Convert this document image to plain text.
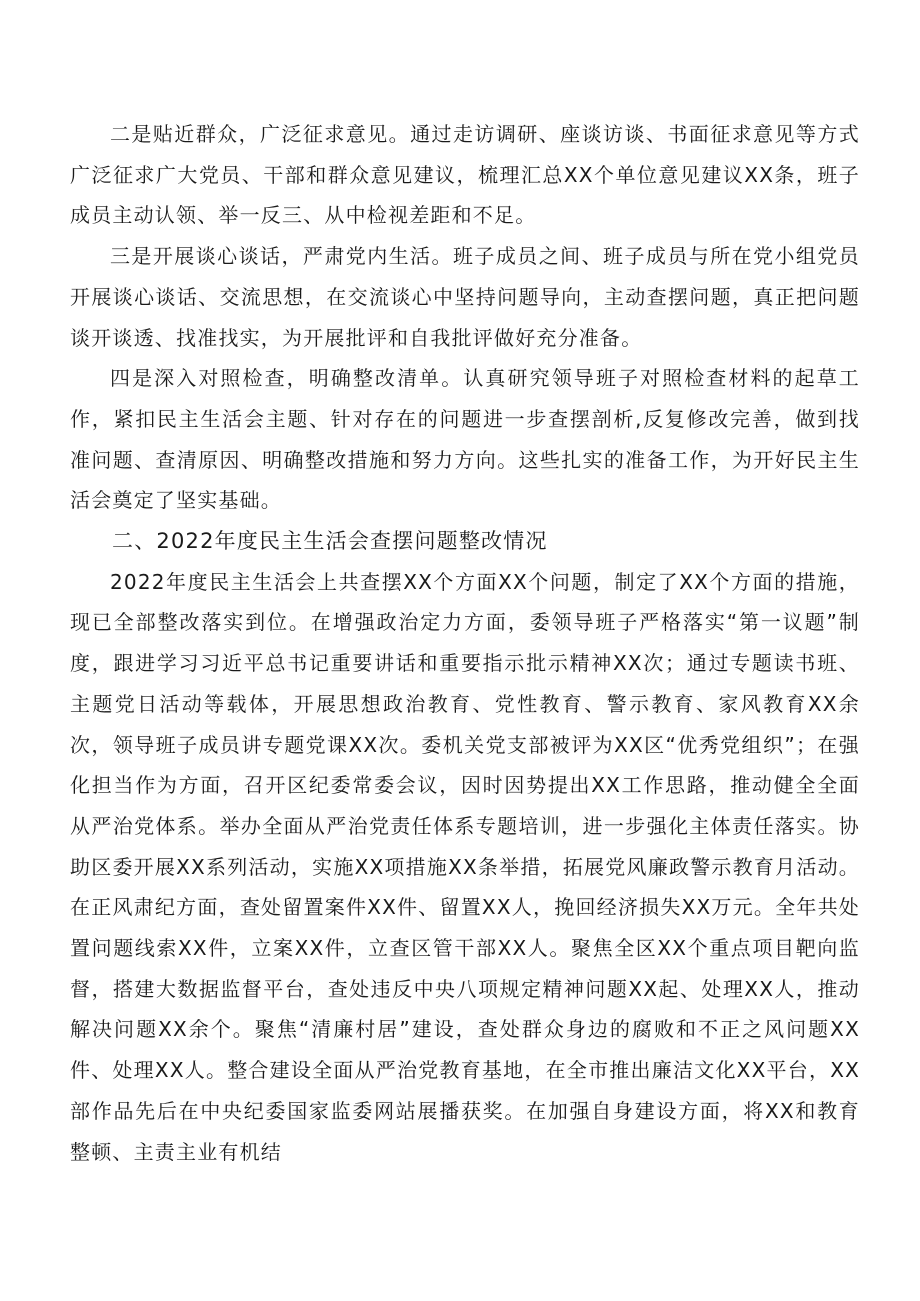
二是贴近群众，广泛征求意见。通过走访调研、座谈访谈、书面征求意见等方式广泛征求广大党员、干部和群众意见建议，梳理汇总XX个单位意见建议XX条，班子成员主动认领、举一反三、从中检视差距和不足。

三是开展谈心谈话，严肃党内生活。班子成员之间、班子成员与所在党小组党员开展谈心谈话、交流思想，在交流谈心中坚持问题导向，主动查摆问题，真正把问题谈开谈透、找准找实，为开展批评和自我批评做好充分准备。

四是深入对照检查，明确整改清单。认真研究领导班子对照检查材料的起草工作，紧扣民主生活会主题、针对存在的问题进一步查摆剖析,反复修改完善，做到找准问题、查清原因、明确整改措施和努力方向。这些扎实的准备工作，为开好民主生活会奠定了坚实基础。

二、2022年度民主生活会查摆问题整改情况

2022年度民主生活会上共查摆XX个方面XX个问题，制定了XX个方面的措施，现已全部整改落实到位。在增强政治定力方面，委领导班子严格落实“第一议题”制度，跟进学习习近平总书记重要讲话和重要指示批示精神XX次；通过专题读书班、主题党日活动等载体，开展思想政治教育、党性教育、警示教育、家风教育XX余次，领导班子成员讲专题党课XX次。委机关党支部被评为XX区“优秀党组织”；在强化担当作为方面，召开区纪委常委会议，因时因势提出XX工作思路，推动健全全面从严治党体系。举办全面从严治党责任体系专题培训，进一步强化主体责任落实。协助区委开展XX系列活动，实施XX项措施XX条举措，拓展党风廉政警示教育月活动。在正风肃纪方面，查处留置案件XX件、留置XX人，挽回经济损失XX万元。全年共处置问题线索XX件，立案XX件，立查区管干部XX人。聚焦全区XX个重点项目靶向监督，搭建大数据监督平台，查处违反中央八项规定精神问题XX起、处理XX人，推动解决问题XX余个。聚焦“清廉村居”建设，查处群众身边的腐败和不正之风问题XX件、处理XX人。整合建设全面从严治党教育基地，在全市推出廉洁文化XX平台，XX部作品先后在中央纪委国家监委网站展播获奖。在加强自身建设方面，将XX和教育整顿、主责主业有机结
